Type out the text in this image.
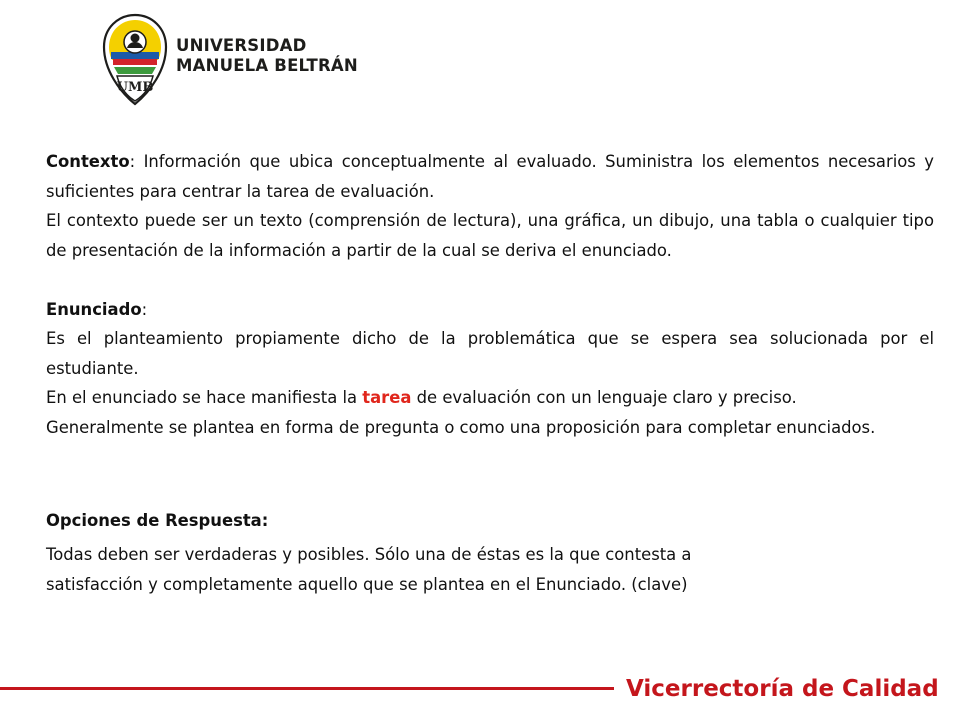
UMB
UNIVERSIDAD
MANUELA BELTRÁN

Contexto: Información que ubica conceptualmente al evaluado. Suministra los elementos necesarios y suficientes para centrar la tarea de evaluación.

El contexto puede ser un texto (comprensión de lectura), una gráfica, un dibujo, una tabla o cualquier tipo de presentación de la información a partir de la cual se deriva el enunciado.

Enunciado:

Es el planteamiento propiamente dicho de la problemática que se espera sea solucionada por el estudiante.

En el enunciado se hace manifiesta la tarea de evaluación con un lenguaje claro y preciso.

Generalmente se plantea en forma de pregunta o como una proposición para completar enunciados.

Opciones de Respuesta:

Todas deben ser verdaderas y posibles. Sólo una de éstas es la que contesta a

satisfacción y completamente aquello que se plantea en el Enunciado. (clave)

Vicerrectoría de Calidad
